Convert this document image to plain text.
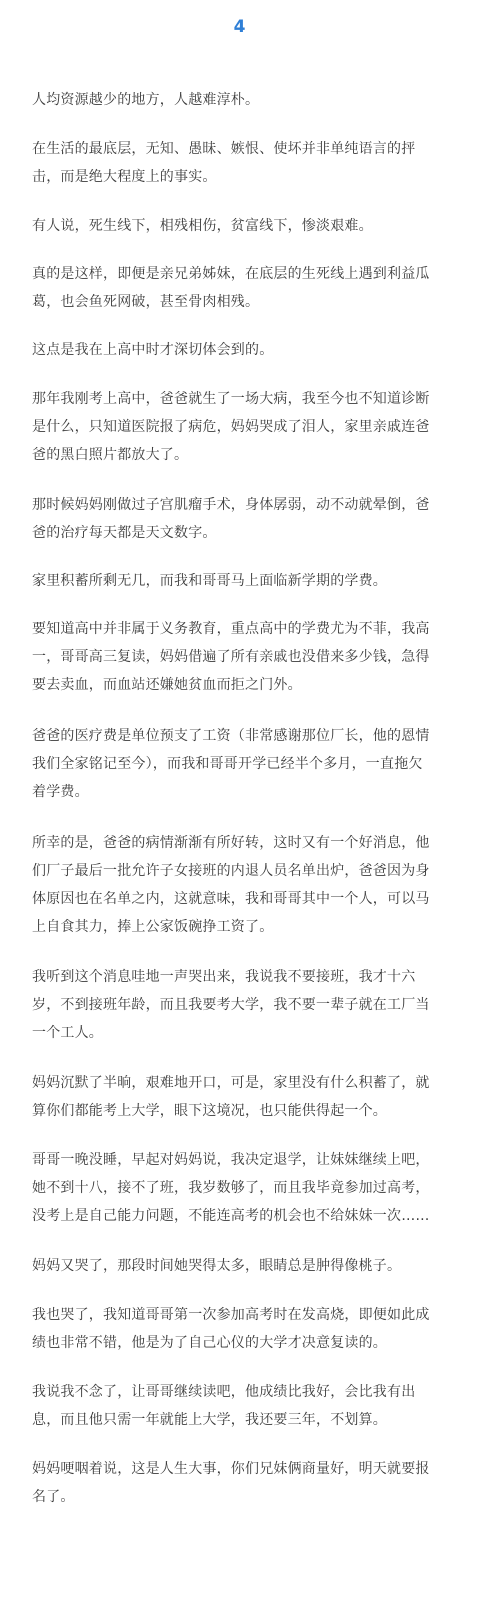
4

人均资源越少的地方，人越难淳朴。

在生活的最底层，无知、愚昧、嫉恨、使坏并非单纯语言的抨
击，而是绝大程度上的事实。

有人说，死生线下，相残相伤，贫富线下，惨淡艰难。

真的是这样，即便是亲兄弟姊妹，在底层的生死线上遇到利益瓜
葛，也会鱼死网破，甚至骨肉相残。

这点是我在上高中时才深切体会到的。

那年我刚考上高中，爸爸就生了一场大病，我至今也不知道诊断
是什么，只知道医院报了病危，妈妈哭成了泪人，家里亲戚连爸
爸的黑白照片都放大了。

那时候妈妈刚做过子宫肌瘤手术，身体孱弱，动不动就晕倒，爸
爸的治疗每天都是天文数字。

家里积蓄所剩无几，而我和哥哥马上面临新学期的学费。

要知道高中并非属于义务教育，重点高中的学费尤为不菲，我高
一，哥哥高三复读，妈妈借遍了所有亲戚也没借来多少钱，急得
要去卖血，而血站还嫌她贫血而拒之门外。

爸爸的医疗费是单位预支了工资（非常感谢那位厂长，他的恩情
我们全家铭记至今），而我和哥哥开学已经半个多月，一直拖欠
着学费。

所幸的是，爸爸的病情渐渐有所好转，这时又有一个好消息，他
们厂子最后一批允许子女接班的内退人员名单出炉，爸爸因为身
体原因也在名单之内，这就意味，我和哥哥其中一个人，可以马
上自食其力，捧上公家饭碗挣工资了。

我听到这个消息哇地一声哭出来，我说我不要接班，我才十六
岁，不到接班年龄，而且我要考大学，我不要一辈子就在工厂当
一个工人。

妈妈沉默了半晌，艰难地开口，可是，家里没有什么积蓄了，就
算你们都能考上大学，眼下这境况，也只能供得起一个。

哥哥一晚没睡，早起对妈妈说，我决定退学，让妹妹继续上吧，
她不到十八，接不了班，我岁数够了，而且我毕竟参加过高考，
没考上是自己能力问题，不能连高考的机会也不给妹妹一次……

妈妈又哭了，那段时间她哭得太多，眼睛总是肿得像桃子。

我也哭了，我知道哥哥第一次参加高考时在发高烧，即便如此成
绩也非常不错，他是为了自己心仪的大学才决意复读的。

我说我不念了，让哥哥继续读吧，他成绩比我好，会比我有出
息，而且他只需一年就能上大学，我还要三年，不划算。

妈妈哽咽着说，这是人生大事，你们兄妹俩商量好，明天就要报
名了。
